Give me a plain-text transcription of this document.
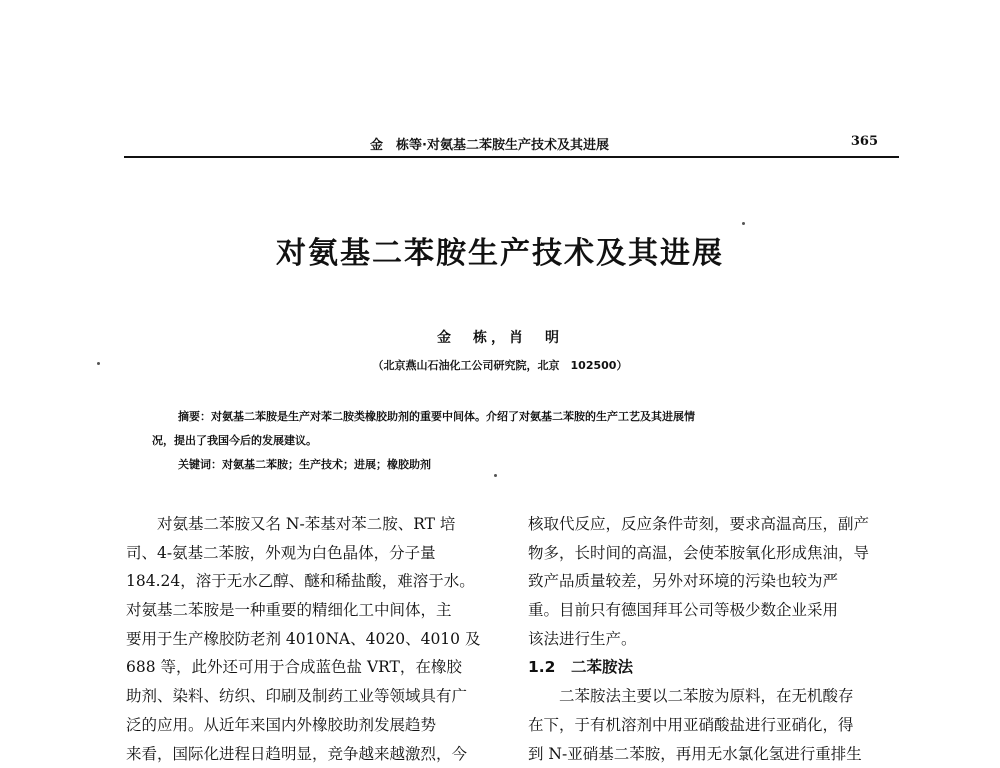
金　栋等·对氨基二苯胺生产技术及其进展	365
对氨基二苯胺生产技术及其进展
金　栋，肖　明
（北京燕山石油化工公司研究院，北京　102500）
摘要：对氨基二苯胺是生产对苯二胺类橡胶助剂的重要中间体。介绍了对氨基二苯胺的生产工艺及其进展情
况，提出了我国今后的发展建议。
关键词：对氨基二苯胺；生产技术；进展；橡胶助剂
对氨基二苯胺又名 N-苯基对苯二胺、RT 培
司、4-氨基二苯胺，外观为白色晶体，分子量
184.24，溶于无水乙醇、醚和稀盐酸，难溶于水。
对氨基二苯胺是一种重要的精细化工中间体，主
要用于生产橡胶防老剂 4010NA、4020、4010 及
688 等，此外还可用于合成蓝色盐 VRT，在橡胶
助剂、染料、纺织、印刷及制药工业等领域具有广
泛的应用。从近年来国内外橡胶助剂发展趋势
来看，国际化进程日趋明显，竞争越来越激烈，今
核取代反应，反应条件苛刻，要求高温高压，副产
物多，长时间的高温，会使苯胺氧化形成焦油，导
致产品质量较差，另外对环境的污染也较为严
重。目前只有德国拜耳公司等极少数企业采用
该法进行生产。
1.2　二苯胺法
二苯胺法主要以二苯胺为原料，在无机酸存
在下，于有机溶剂中用亚硝酸盐进行亚硝化，得
到 N-亚硝基二苯胺，再用无水氯化氢进行重排生
